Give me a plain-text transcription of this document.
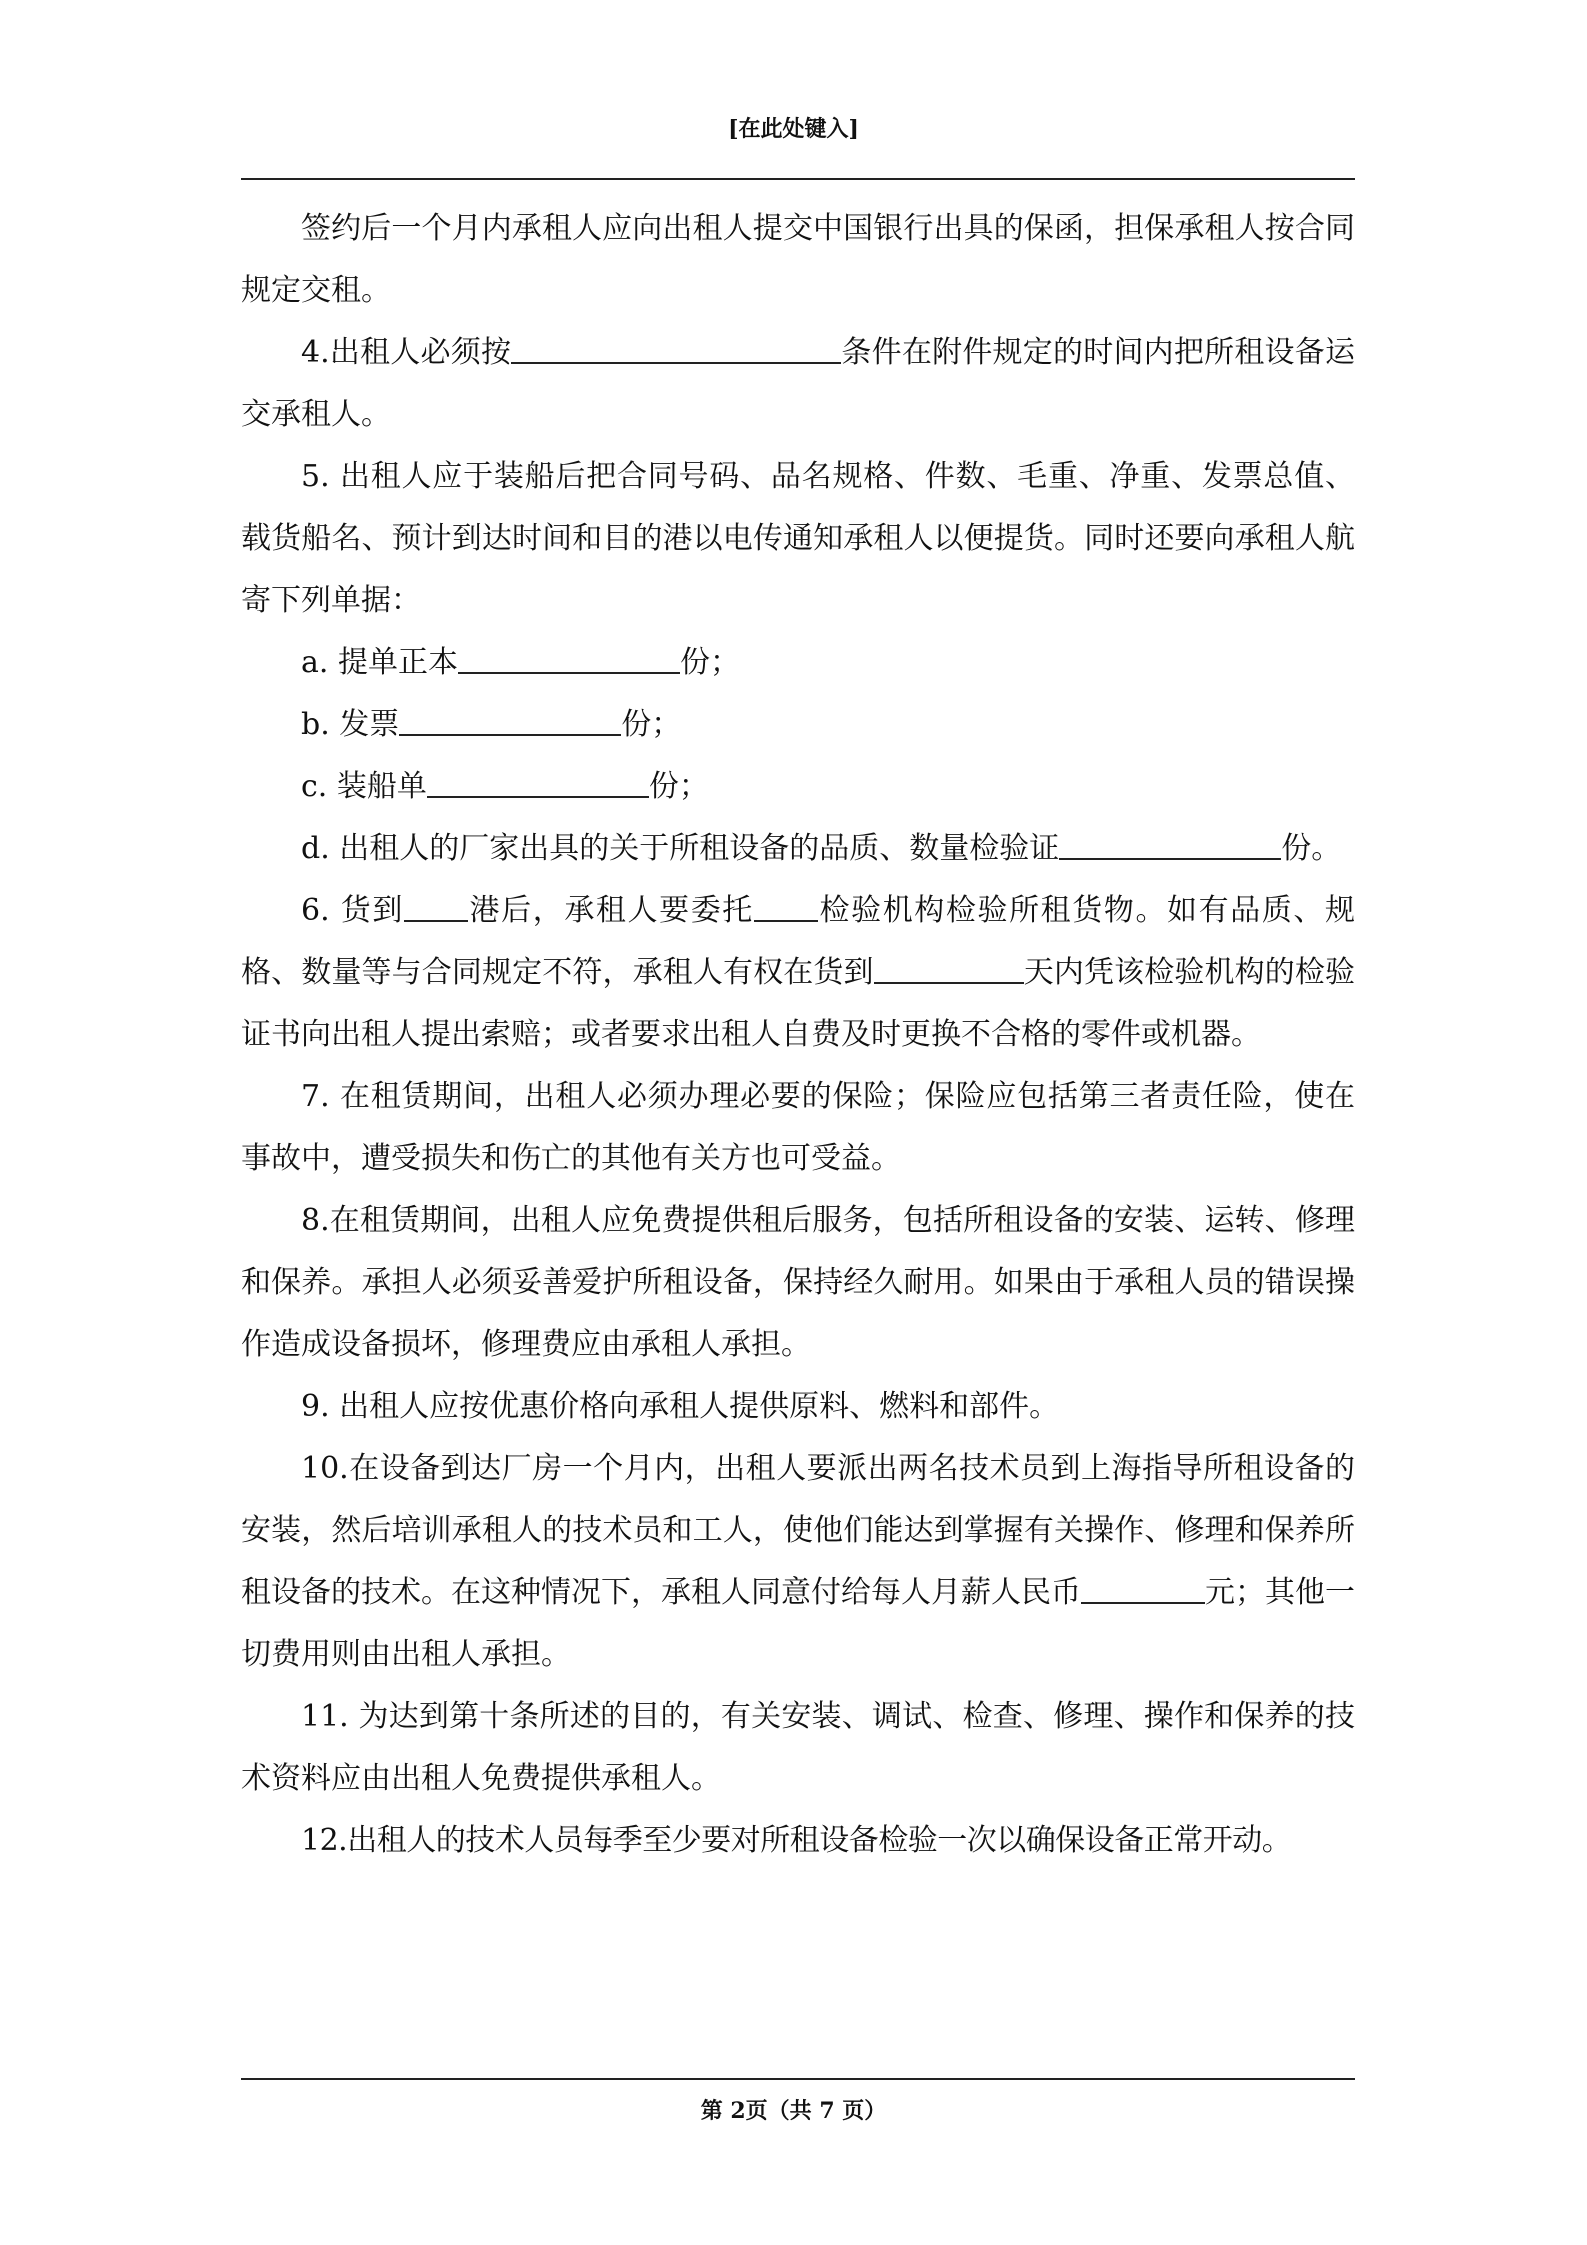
[在此处键入]

签约后一个月内承租人应向出租人提交中国银行出具的保函，担保承租人按合同规定交租。

4.出租人必须按	条件在附件规定的时间内把所租设备运交承租人。

5. 出租人应于装船后把合同号码、品名规格、件数、毛重、净重、发票总值、载货船名、预计到达时间和目的港以电传通知承租人以便提货。同时还要向承租人航寄下列单据：

a. 提单正本	份；

b. 发票	份；

c. 装船单	份；

d. 出租人的厂家出具的关于所租设备的品质、数量检验证	份。

6. 货到 港后，承租人要委托 检验机构检验所租货物。如有品质、规格、数量等与合同规定不符，承租人有权在货到	天内凭该检验机构的检验证书向出租人提出索赔；或者要求出租人自费及时更换不合格的零件或机器。

7. 在租赁期间，出租人必须办理必要的保险；保险应包括第三者责任险，使在事故中，遭受损失和伤亡的其他有关方也可受益。

8.在租赁期间，出租人应免费提供租后服务，包括所租设备的安装、运转、修理和保养。承担人必须妥善爱护所租设备，保持经久耐用。如果由于承租人员的错误操作造成设备损坏，修理费应由承租人承担。

9. 出租人应按优惠价格向承租人提供原料、燃料和部件。

10.在设备到达厂房一个月内，出租人要派出两名技术员到上海指导所租设备的安装，然后培训承租人的技术员和工人，使他们能达到掌握有关操作、修理和保养所租设备的技术。在这种情况下，承租人同意付给每人月薪人民币	元；其他一切费用则由出租人承担。

11. 为达到第十条所述的目的，有关安装、调试、检查、修理、操作和保养的技术资料应由出租人免费提供承租人。

12.出租人的技术人员每季至少要对所租设备检验一次以确保设备正常开动。

第 2页（共 7 页）
